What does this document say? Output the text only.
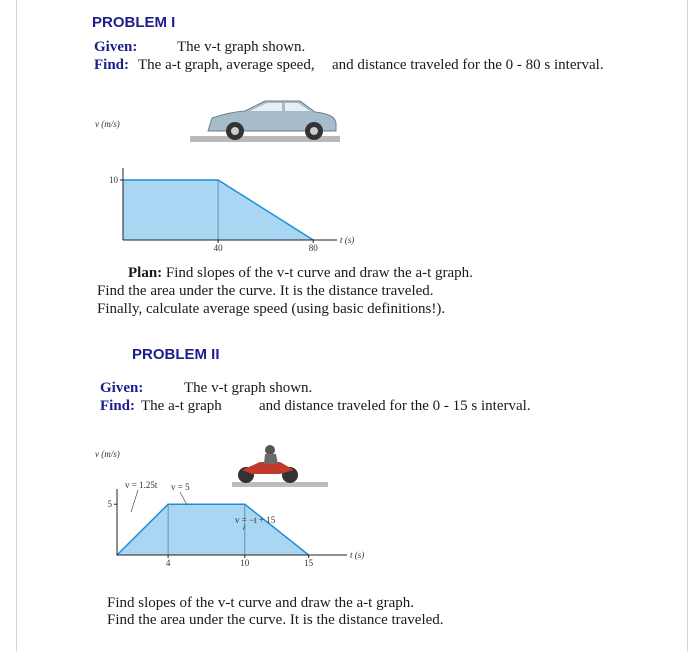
PROBLEM I
Given:	The v-t graph shown.
Find: The a-t graph, average speed, and distance traveled for the 0 - 80 s interval.
40	80
10
v (m/s)
t (s)
Plan: Find slopes of the v-t curve and draw the a-t graph.
Find the area under the curve. It is the distance traveled.
Finally, calculate average speed (using basic definitions!).
PROBLEM II
Given:	The v-t graph shown.
Find: The a-t graph and distance traveled for the 0 - 15 s interval.
4	10	15
5
v (m/s)
t (s)
v = 1.25t v = 5
v = −t + 15
Find slopes of the v-t curve and draw the a-t graph.
Find the area under the curve. It is the distance traveled.
